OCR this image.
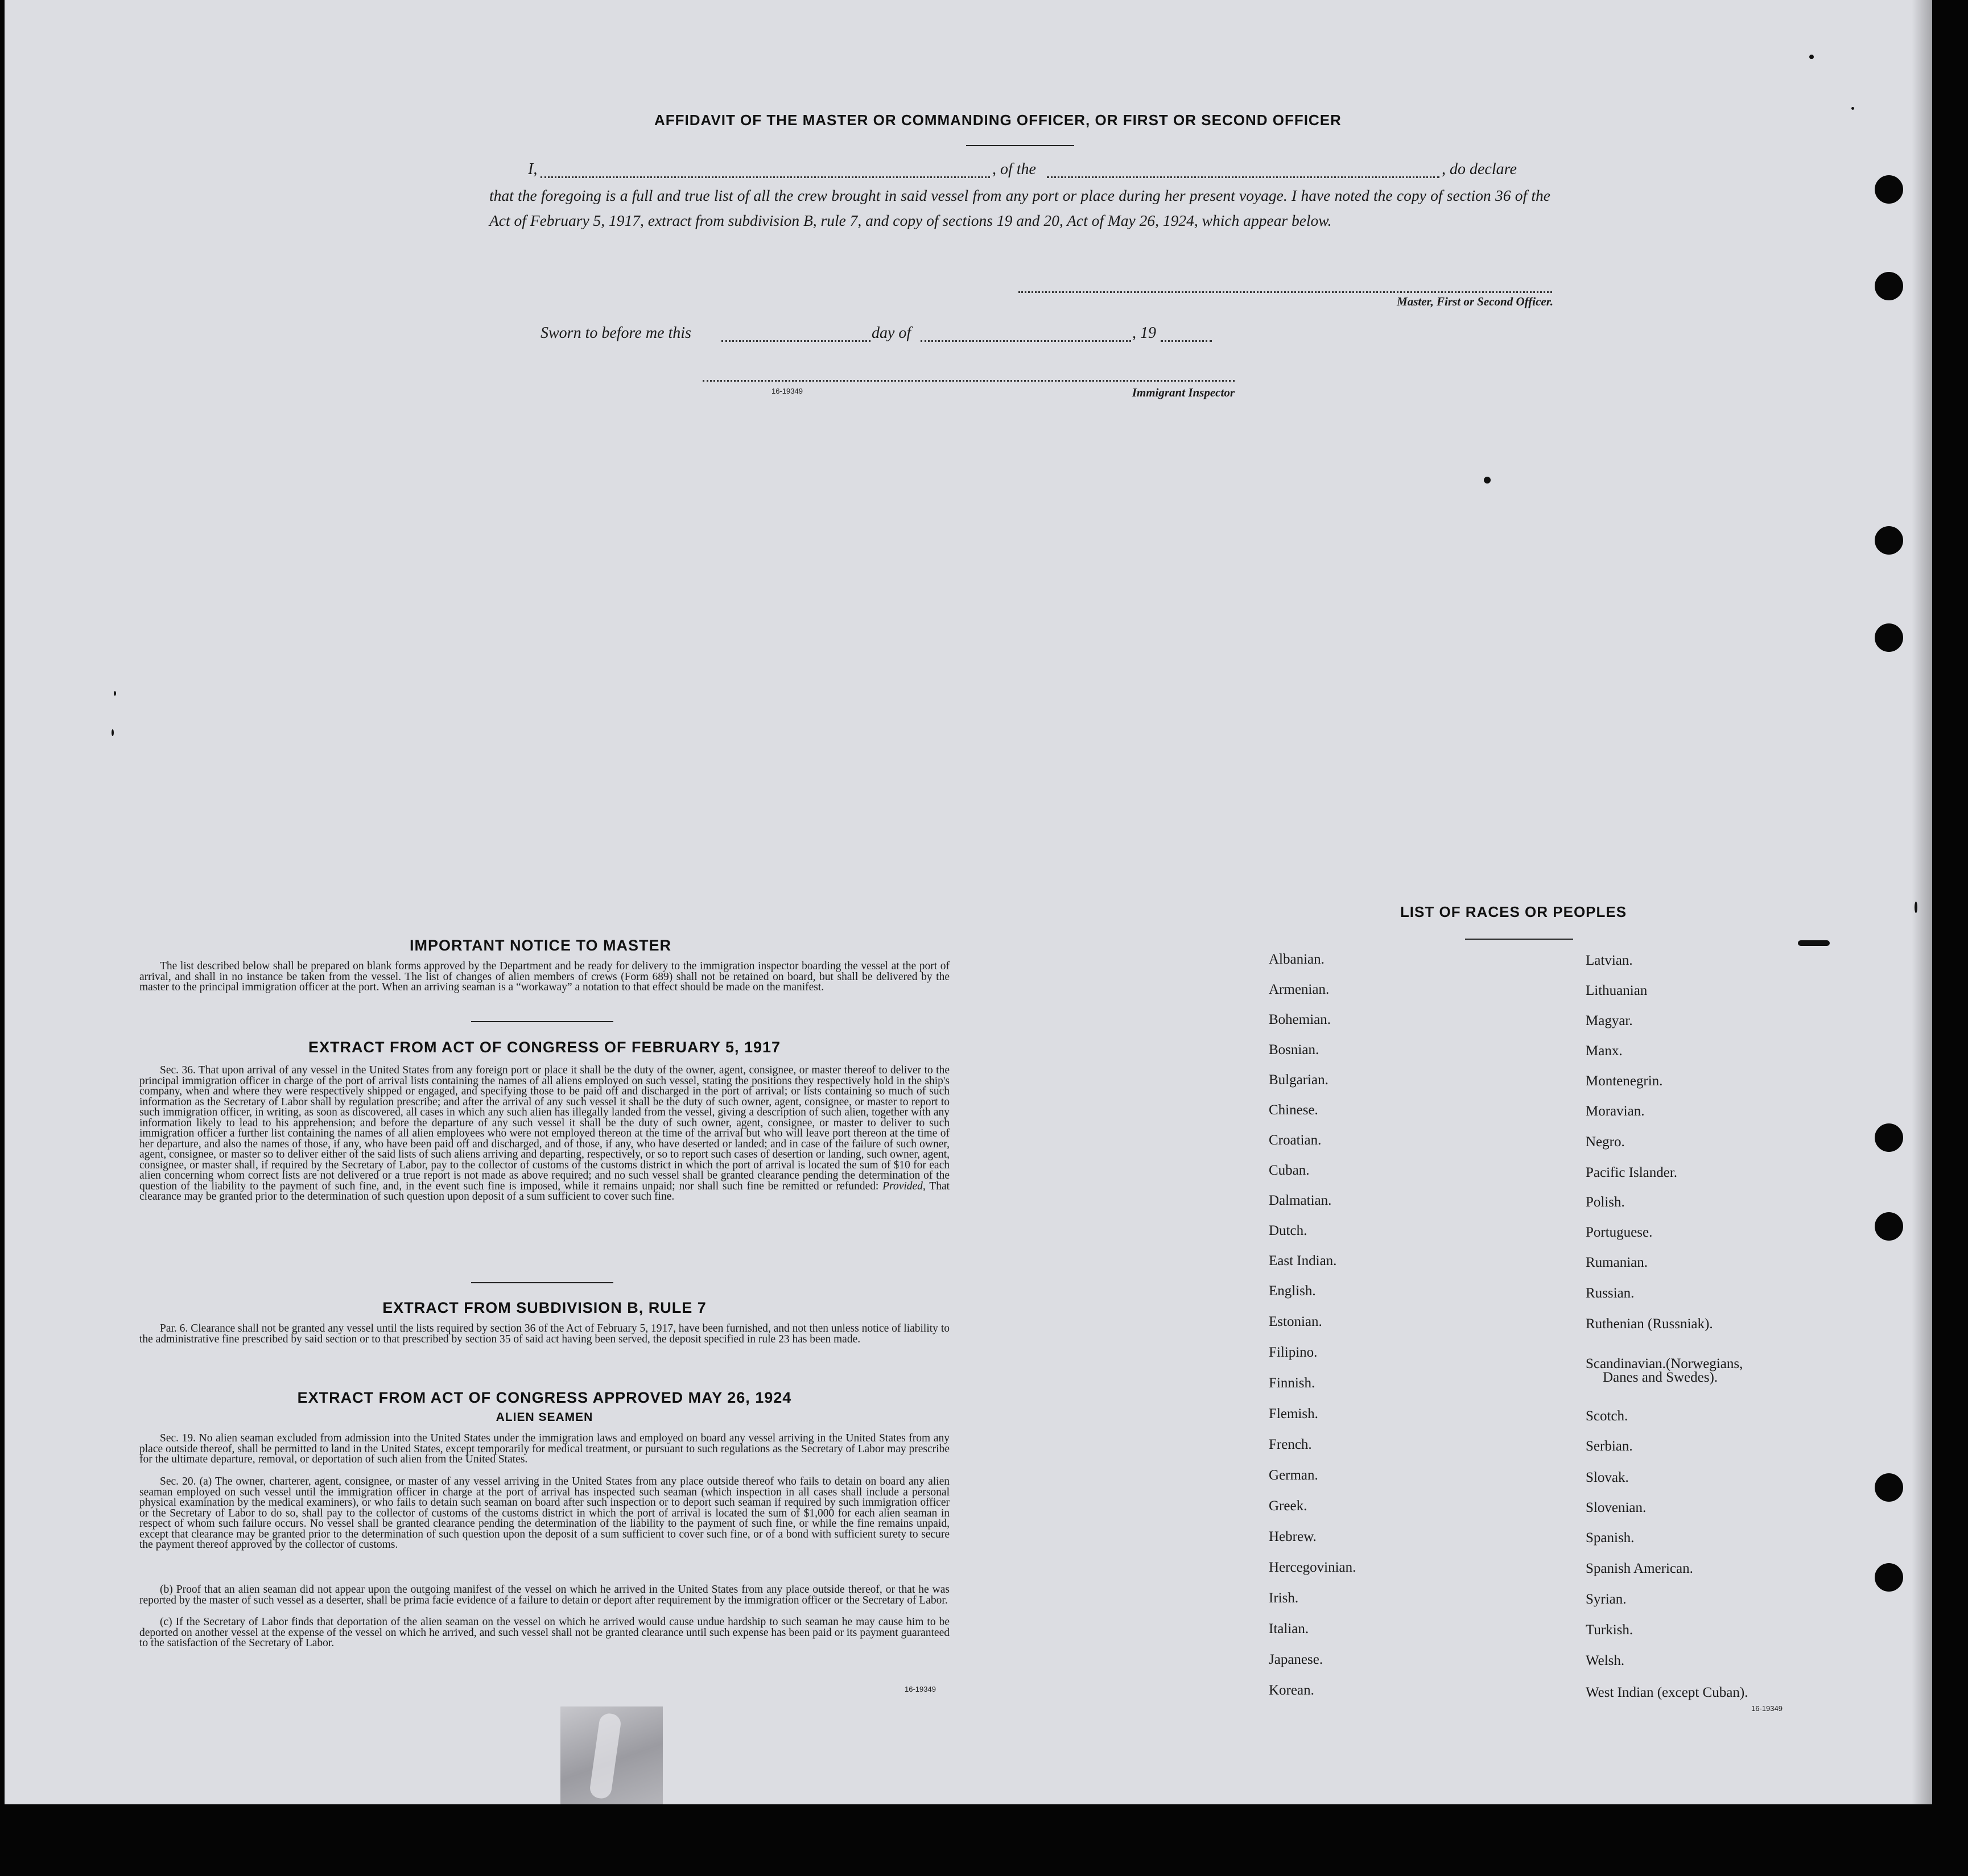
AFFIDAVIT OF THE MASTER OR COMMANDING OFFICER, OR FIRST OR SECOND OFFICER
I,	, of the	, do declare
that the foregoing is a full and true list of all the crew brought in said vessel from any port or place during her present voyage. I have noted the copy of section 36 of the Act of February 5, 1917, extract from subdivision B, rule 7, and copy of sections 19 and 20, Act of May 26, 1924, which appear below.
Master, First or Second Officer.
Sworn to before me this	day of	, 19
16-19349	Immigrant Inspector
IMPORTANT NOTICE TO MASTER
The list described below shall be prepared on blank forms approved by the Department and be ready for delivery to the immigration inspector boarding the vessel at the port of arrival, and shall in no instance be taken from the vessel. The list of changes of alien members of crews (Form 689) shall not be retained on board, but shall be delivered by the master to the principal immigration officer at the port. When an arriving seaman is a “workaway” a notation to that effect should be made on the manifest.
EXTRACT FROM ACT OF CONGRESS OF FEBRUARY 5, 1917
Sec. 36. That upon arrival of any vessel in the United States from any foreign port or place it shall be the duty of the owner, agent, consignee, or master thereof to deliver to the principal immigration officer in charge of the port of arrival lists containing the names of all aliens employed on such vessel, stating the positions they respectively hold in the ship's company, when and where they were respectively shipped or engaged, and specifying those to be paid off and discharged in the port of arrival; or lists containing so much of such information as the Secretary of Labor shall by regulation prescribe; and after the arrival of any such vessel it shall be the duty of such owner, agent, consignee, or master to report to such immigration officer, in writing, as soon as discovered, all cases in which any such alien has illegally landed from the vessel, giving a description of such alien, together with any information likely to lead to his apprehension; and before the departure of any such vessel it shall be the duty of such owner, agent, consignee, or master to deliver to such immigration officer a further list containing the names of all alien employees who were not employed thereon at the time of the arrival but who will leave port thereon at the time of her departure, and also the names of those, if any, who have been paid off and discharged, and of those, if any, who have deserted or landed; and in case of the failure of such owner, agent, consignee, or master so to deliver either of the said lists of such aliens arriving and departing, respectively, or so to report such cases of desertion or landing, such owner, agent, consignee, or master shall, if required by the Secretary of Labor, pay to the collector of customs of the customs district in which the port of arrival is located the sum of $10 for each alien concerning whom correct lists are not delivered or a true report is not made as above required; and no such vessel shall be granted clearance pending the determination of the question of the liability to the payment of such fine, and, in the event such fine is imposed, while it remains unpaid; nor shall such fine be remitted or refunded: Provided, That clearance may be granted prior to the determination of such question upon deposit of a sum sufficient to cover such fine.
EXTRACT FROM SUBDIVISION B, RULE 7
Par. 6. Clearance shall not be granted any vessel until the lists required by section 36 of the Act of February 5, 1917, have been furnished, and not then unless notice of liability to the administrative fine prescribed by said section or to that prescribed by section 35 of said act having been served, the deposit specified in rule 23 has been made.
EXTRACT FROM ACT OF CONGRESS APPROVED MAY 26, 1924
ALIEN SEAMEN
Sec. 19. No alien seaman excluded from admission into the United States under the immigration laws and employed on board any vessel arriving in the United States from any place outside thereof, shall be permitted to land in the United States, except temporarily for medical treatment, or pursuant to such regulations as the Secretary of Labor may prescribe for the ultimate departure, removal, or deportation of such alien from the United States.
Sec. 20. (a) The owner, charterer, agent, consignee, or master of any vessel arriving in the United States from any place outside thereof who fails to detain on board any alien seaman employed on such vessel until the immigration officer in charge at the port of arrival has inspected such seaman (which inspection in all cases shall include a personal physical examination by the medical examiners), or who fails to detain such seaman on board after such inspection or to deport such seaman if required by such immigration officer or the Secretary of Labor to do so, shall pay to the collector of customs of the customs district in which the port of arrival is located the sum of $1,000 for each alien seaman in respect of whom such failure occurs. No vessel shall be granted clearance pending the determination of the liability to the payment of such fine, or while the fine remains unpaid, except that clearance may be granted prior to the determination of such question upon the deposit of a sum sufficient to cover such fine, or of a bond with sufficient surety to secure the payment thereof approved by the collector of customs.
(b) Proof that an alien seaman did not appear upon the outgoing manifest of the vessel on which he arrived in the United States from any place outside thereof, or that he was reported by the master of such vessel as a deserter, shall be prima facie evidence of a failure to detain or deport after requirement by the immigration officer or the Secretary of Labor.
(c) If the Secretary of Labor finds that deportation of the alien seaman on the vessel on which he arrived would cause undue hardship to such seaman he may cause him to be deported on another vessel at the expense of the vessel on which he arrived, and such vessel shall not be granted clearance until such expense has been paid or its payment guaranteed to the satisfaction of the Secretary of Labor.
16-19349
LIST OF RACES OR PEOPLES
Albanian.
Armenian.
Bohemian.
Bosnian.
Bulgarian.
Chinese.
Croatian.
Cuban.
Dalmatian.
Dutch.
East Indian.
English.
Estonian.
Filipino.
Finnish.
Flemish.
French.
German.
Greek.
Hebrew.
Hercegovinian.
Irish.
Italian.
Japanese.
Korean.
Latvian.
Lithuanian
Magyar.
Manx.
Montenegrin.
Moravian.
Negro.
Pacific Islander.
Polish.
Portuguese.
Rumanian.
Russian.
Ruthenian (Russniak).
Scandinavian.(Norwegians,
Danes and Swedes).
Scotch.
Serbian.
Slovak.
Slovenian.
Spanish.
Spanish American.
Syrian.
Turkish.
Welsh.
West Indian (except Cuban).
16-19349
